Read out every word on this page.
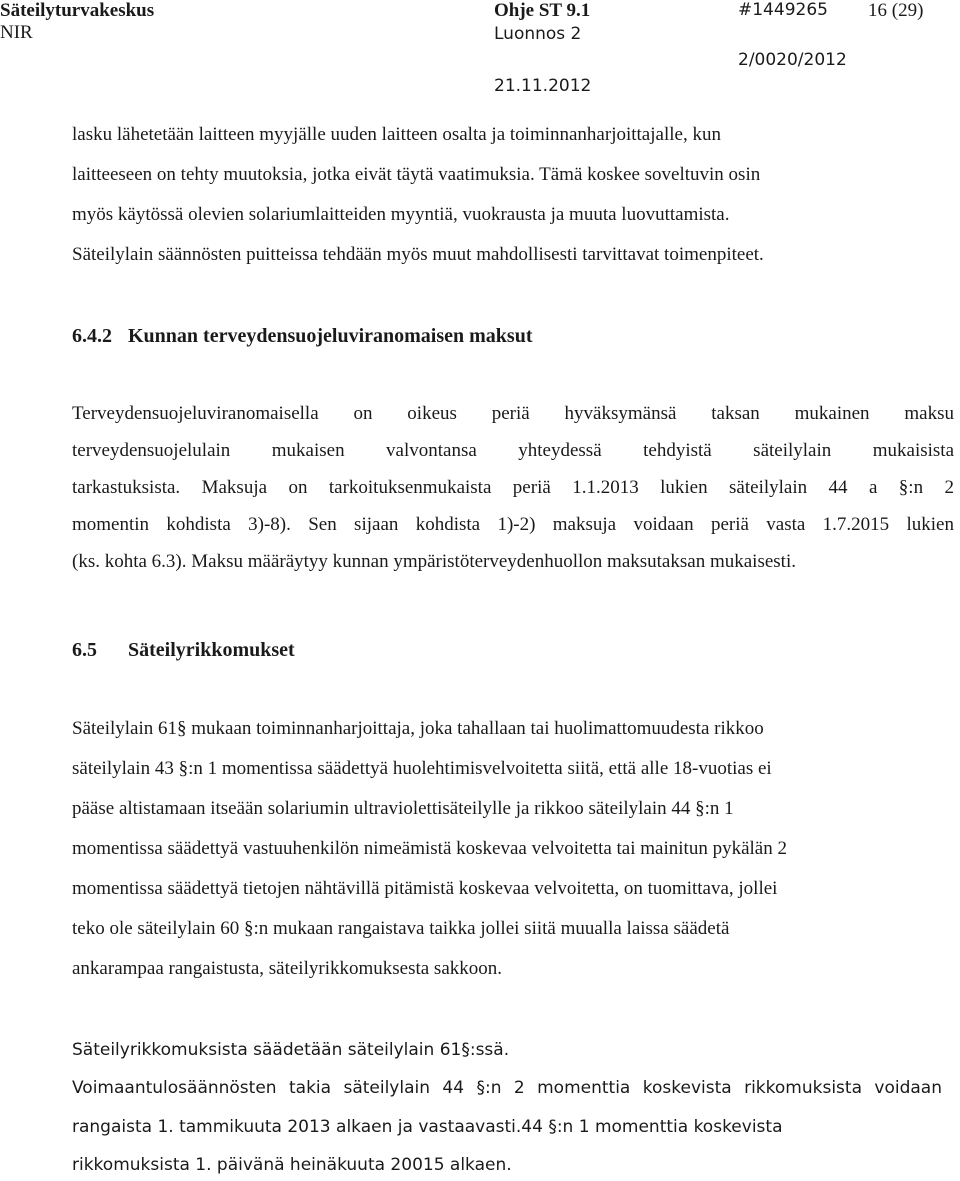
Säteilyturvakeskus
NIR
Ohje ST 9.1
Luonnos 2
21.11.2012
#1449265 16 (29)
2/0020/2012
lasku lähetetään laitteen myyjälle uuden laitteen osalta ja toiminnanharjoittajalle, kun
laitteeseen on tehty muutoksia, jotka eivät täytä vaatimuksia. Tämä koskee soveltuvin osin
myös käytössä olevien solariumlaitteiden myyntiä, vuokrausta ja muuta luovuttamista.
Säteilylain säännösten puitteissa tehdään myös muut mahdollisesti tarvittavat toimenpiteet.
6.4.2 Kunnan terveydensuojeluviranomaisen maksut
Terveydensuojeluviranomaisella on oikeus periä hyväksymänsä taksan mukainen maksu
terveydensuojelulain mukaisen valvontansa yhteydessä tehdyistä säteilylain mukaisista
tarkastuksista. Maksuja on tarkoituksenmukaista periä 1.1.2013 lukien säteilylain 44 a §:n 2
momentin kohdista 3)-8). Sen sijaan kohdista 1)-2) maksuja voidaan periä vasta 1.7.2015 lukien
(ks. kohta 6.3). Maksu määräytyy kunnan ympäristöterveydenhuollon maksutaksan mukaisesti.
6.5 Säteilyrikkomukset
Säteilylain 61§ mukaan toiminnanharjoittaja, joka tahallaan tai huolimattomuudesta rikkoo
säteilylain 43 §:n 1 momentissa säädettyä huolehtimisvelvoitetta siitä, että alle 18-vuotias ei
pääse altistamaan itseään solariumin ultraviolettisäteilylle ja rikkoo säteilylain 44 §:n 1
momentissa säädettyä vastuuhenkilön nimeämistä koskevaa velvoitetta tai mainitun pykälän 2
momentissa säädettyä tietojen nähtävillä pitämistä koskevaa velvoitetta, on tuomittava, jollei
teko ole säteilylain 60 §:n mukaan rangaistava taikka jollei siitä muualla laissa säädetä
ankarampaa rangaistusta, säteilyrikkomuksesta sakkoon.
Säteilyrikkomuksista säädetään säteilylain 61§:ssä.
Voimaantulosäännösten takia säteilylain 44 §:n 2 momenttia koskevista rikkomuksista voidaan
rangaista 1. tammikuuta 2013 alkaen ja vastaavasti.44 §:n 1 momenttia koskevista
rikkomuksista 1. päivänä heinäkuuta 20015 alkaen.
